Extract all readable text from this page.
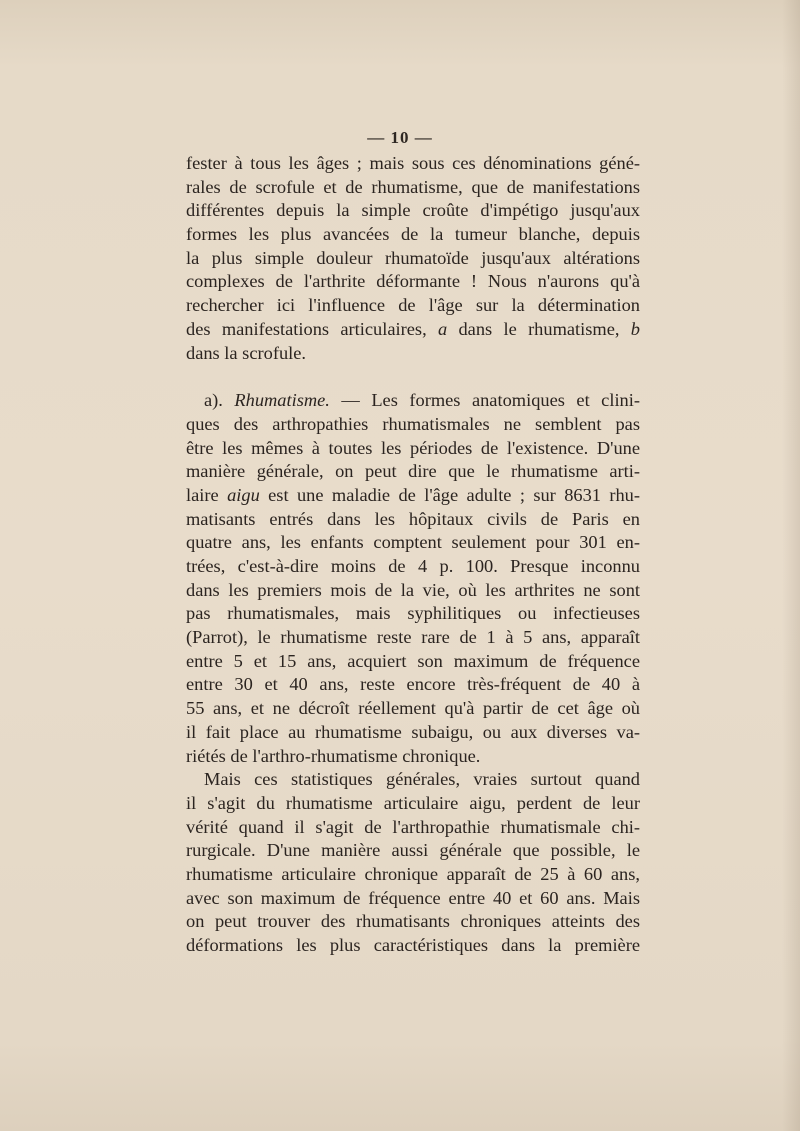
— 10 —
fester à tous les âges ; mais sous ces dénominations géné-
rales de scrofule et de rhumatisme, que de manifestations
différentes depuis la simple croûte d'impétigo jusqu'aux
formes les plus avancées de la tumeur blanche, depuis
la plus simple douleur rhumatoïde jusqu'aux altérations
complexes de l'arthrite déformante ! Nous n'aurons qu'à
rechercher ici l'influence de l'âge sur la détermination
des manifestations articulaires, a dans le rhumatisme, b
dans la scrofule.
a). Rhumatisme. — Les formes anatomiques et clini-
ques des arthropathies rhumatismales ne semblent pas
être les mêmes à toutes les périodes de l'existence. D'une
manière générale, on peut dire que le rhumatisme arti-
laire aigu est une maladie de l'âge adulte ; sur 8631 rhu-
matisants entrés dans les hôpitaux civils de Paris en
quatre ans, les enfants comptent seulement pour 301 en-
trées, c'est-à-dire moins de 4 p. 100. Presque inconnu
dans les premiers mois de la vie, où les arthrites ne sont
pas rhumatismales, mais syphilitiques ou infectieuses
(Parrot), le rhumatisme reste rare de 1 à 5 ans, apparaît
entre 5 et 15 ans, acquiert son maximum de fréquence
entre 30 et 40 ans, reste encore très-fréquent de 40 à
55 ans, et ne décroît réellement qu'à partir de cet âge où
il fait place au rhumatisme subaigu, ou aux diverses va-
riétés de l'arthro-rhumatisme chronique.
Mais ces statistiques générales, vraies surtout quand
il s'agit du rhumatisme articulaire aigu, perdent de leur
vérité quand il s'agit de l'arthropathie rhumatismale chi-
rurgicale. D'une manière aussi générale que possible, le
rhumatisme articulaire chronique apparaît de 25 à 60 ans,
avec son maximum de fréquence entre 40 et 60 ans. Mais
on peut trouver des rhumatisants chroniques atteints des
déformations les plus caractéristiques dans la première
